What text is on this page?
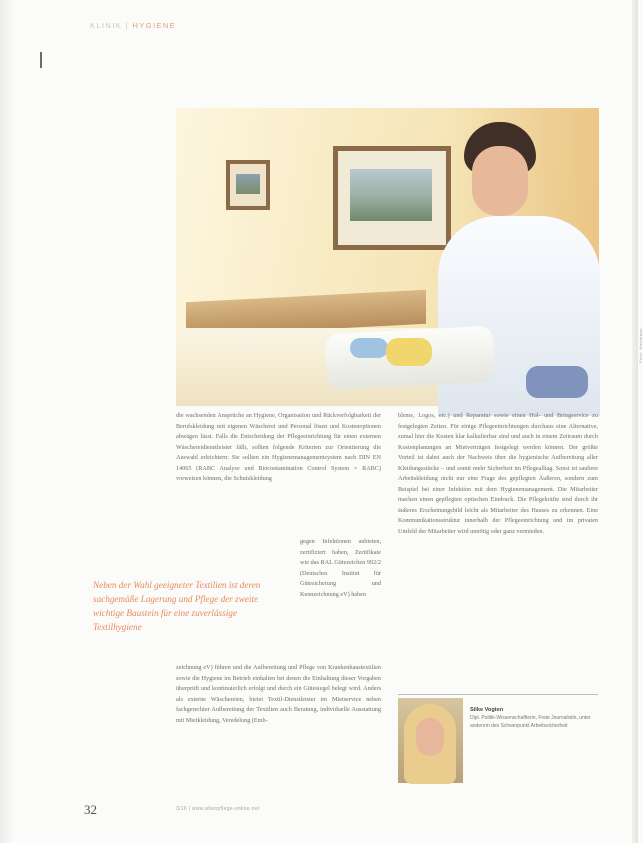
KLINIK | HYGIENE
Foto: Hartmann

die wachsenden Ansprüche an Hygiene, Organisation und Rückverfolgbarkeit der Berufskleidung mit eigenen Wäscherei und Personal lösen und Kostenoptionen abwägen lässt. Falls die Entscheidung der Pflegeeinrichtung für einen externen Wäschereidienstleister fällt, sollten folgende Kriterien zur Orientierung die Auswahl erleichtern: Sie sollten ein Hygienemanagementsystem nach DIN EN 14065 (RABC Analyse und Biocontamination Control System = RABC) vorweisen können, die Schutzkleidung

gegen Infektionen anbieten, zertifiziert haben, Zertifikate wie das RAL Gütezeichen 992/2 (Deutsches Institut für Gütesicherung und Kennzeichnung eV) haben

zeichnung eV) führen und die Aufbereitung und Pflege von Krankenhaustextilien sowie die Hygiene im Betrieb einhalten bei denen die Einhaltung dieser Vorgaben überprüft und kontinuierlich erfolgt und durch ein Gütesiegel belegt wird. Anders als externe Wäschereien, bietet Textil-Dienstleister im Mietservice neben fachgerechter Aufbereitung der Textilien auch Beratung, individuelle Ausstattung mit Mietkleidung, Veredelung (Emb-

bleme, Logos, etc.) und Reparatur sowie einen Hol- und Bringservice zu festgelegten Zeiten. Für einige Pflegeeinrichtungen durchaus eine Alternative, zumal hier die Kosten klar kalkulierbar sind und auch in einem Zeitraum durch Kostenplanungen an Mietverträgen festgelegt werden können. Der größte Vorteil ist dabei auch der Nachweis über die hygienische Aufbereitung aller Kleidungsstücke – und somit mehr Sicherheit im Pflegealltag. Sonst ist saubere Arbeitskleidung nicht nur eine Frage des gepflegten Äußeren, sondern zum Beispiel bei einer Infektion mit dem Hygienemanagement. Die Mitarbeiter machen einen gepflegten optischen Eindruck. Die Pflegekräfte sind durch ihr äußeres Erscheinungsbild leicht als Mitarbeiter des Hauses zu erkennen. Eine Kommunikationsstruktur innerhalb der Pflegeeinrichtung und im privaten Umfeld der Mitarbeiter wird unnötig oder ganz vermieden.

Neben der Wahl geeigneter Textilien ist deren sachgemäße Lagerung und Pflege der zweite wichtige Baustein für eine zuverlässige Textilhygiene
Silke Vogten
Dipl. Politik-Wissenschaftlerin, Freie Journalistin, unter anderem des Schwerpunkt Arbeitssicherheit
32	3/16 | www.altenpflege-online.net
